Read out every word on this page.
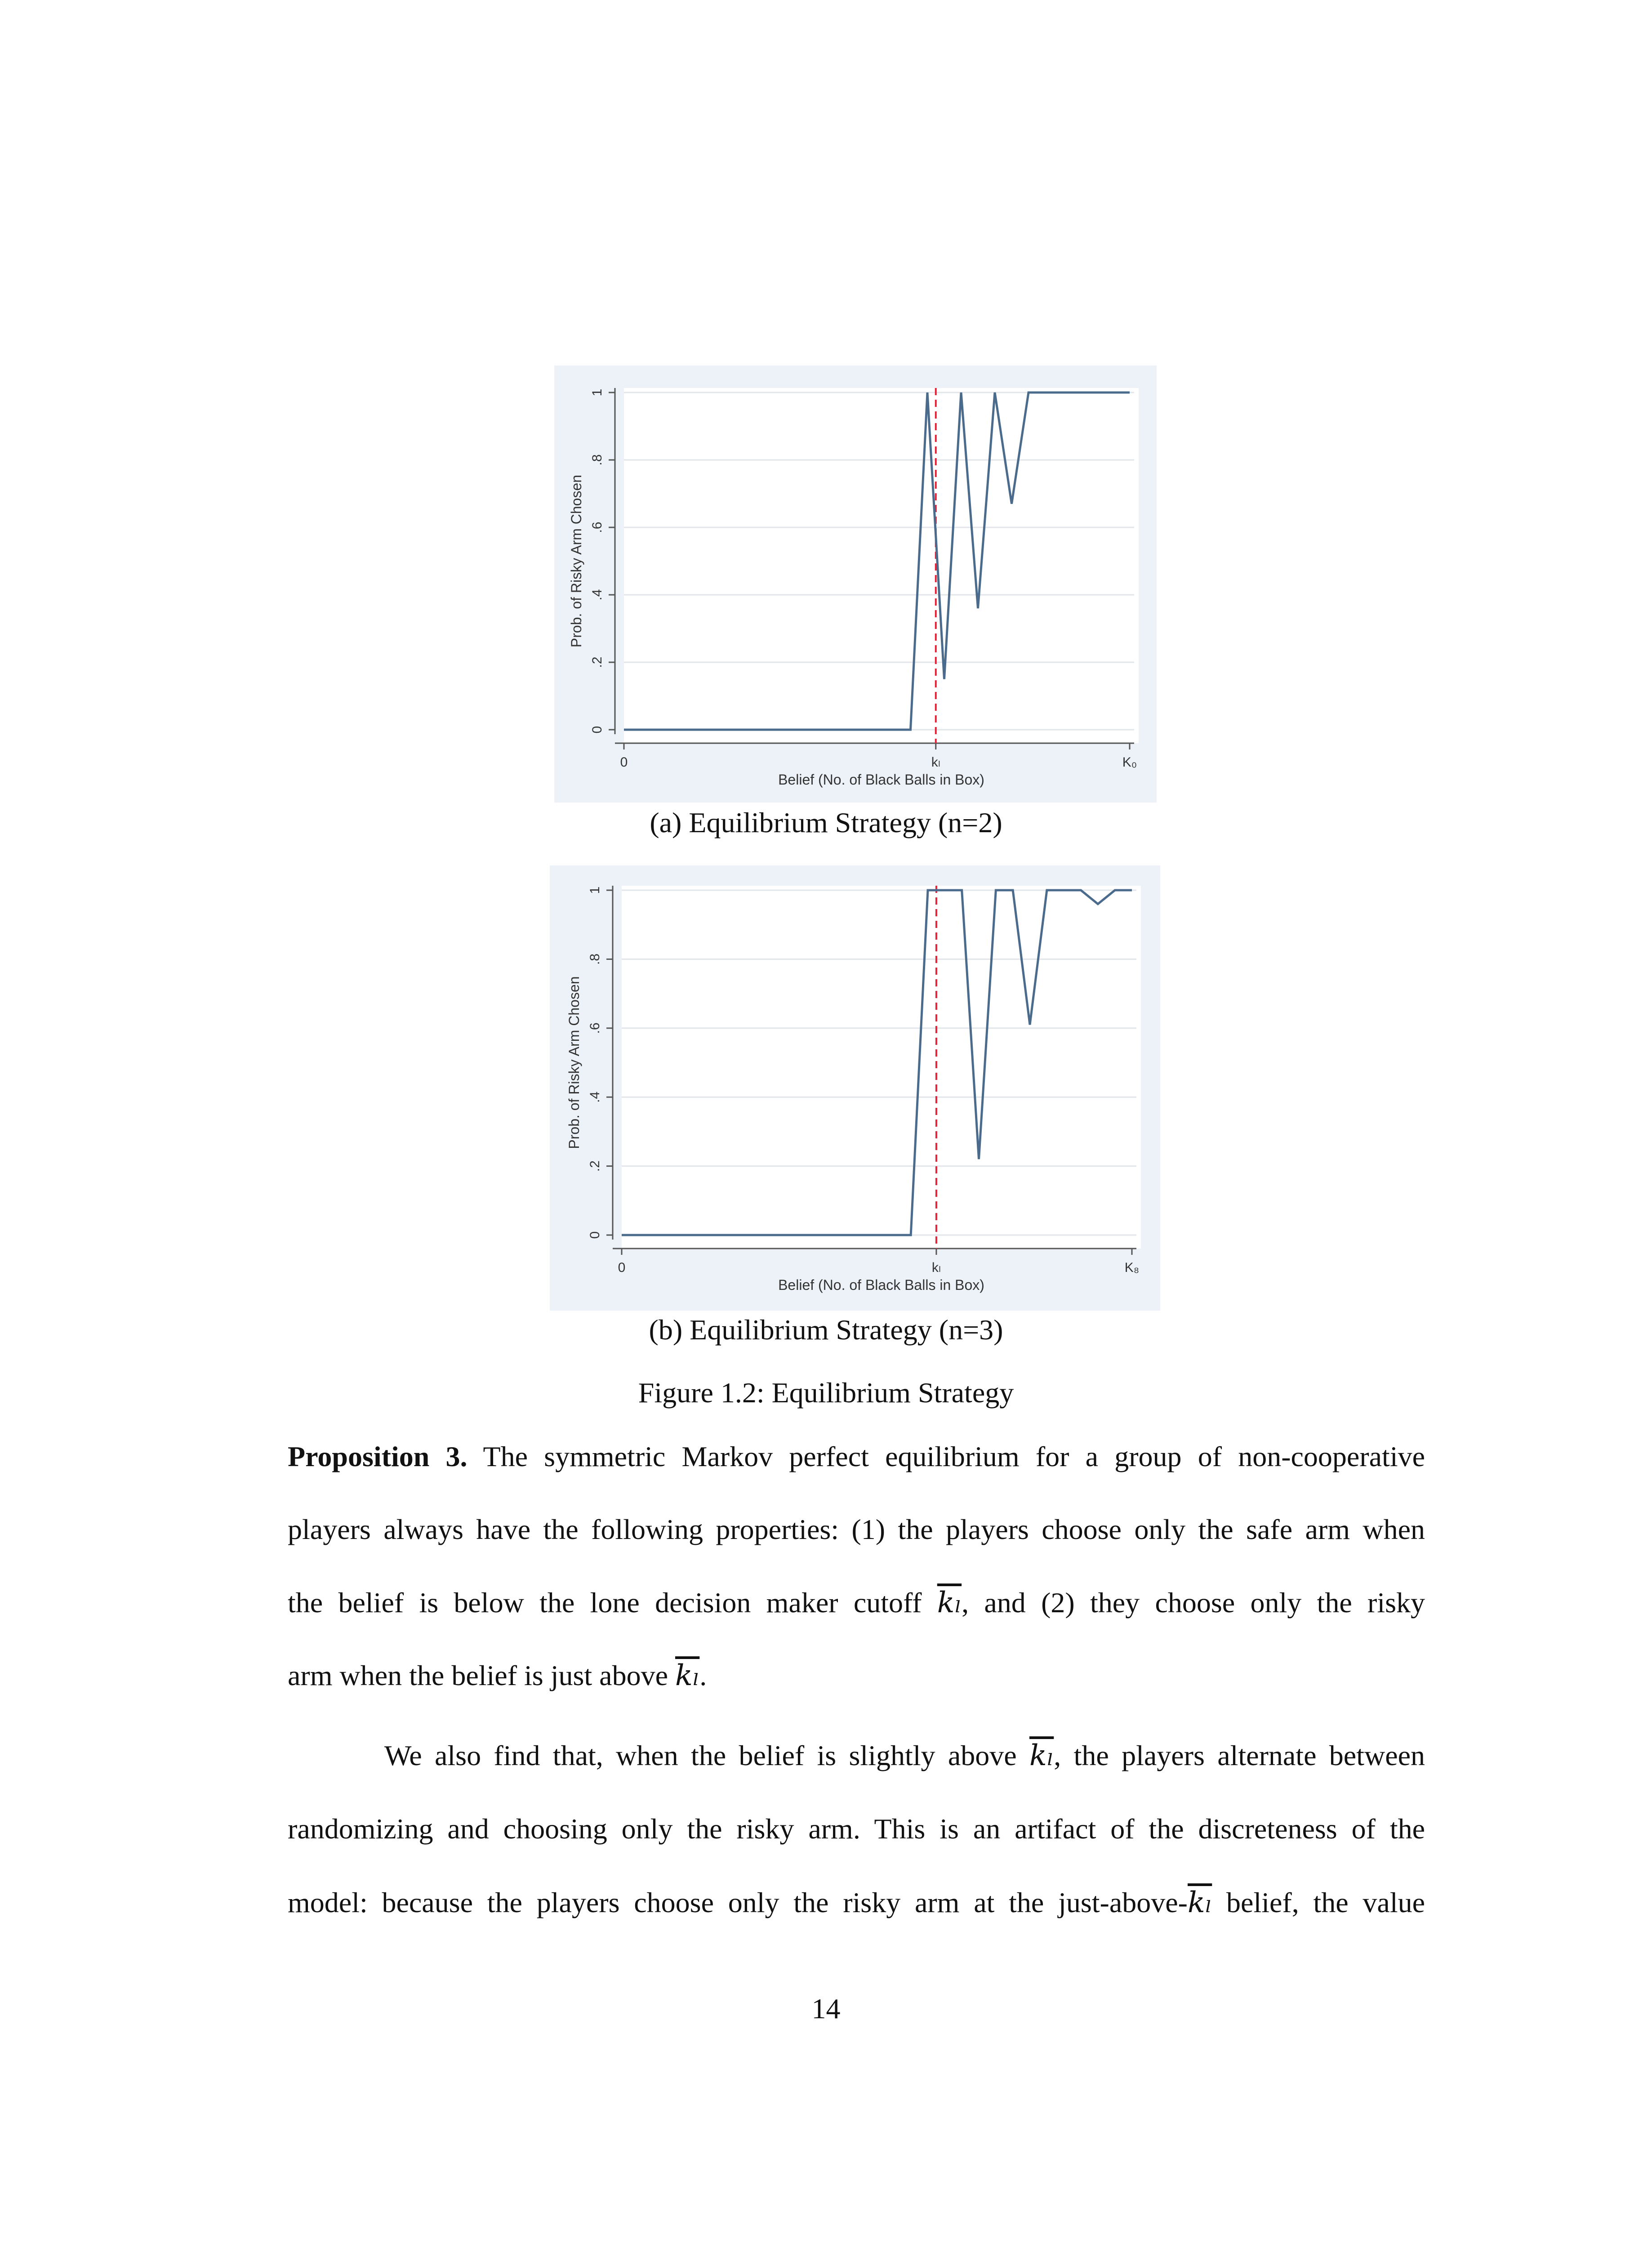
0
.2
.4
.6
.8
1
0	kₗ	K₀
Belief (No. of Black Balls in Box)
Prob. of Risky Arm Chosen
(a) Equilibrium Strategy (n=2)
0
.2
.4
.6
.8
1
0	kₗ	K₈
Belief (No. of Black Balls in Box)
Prob. of Risky Arm Chosen
(b) Equilibrium Strategy (n=3)
Figure 1.2: Equilibrium Strategy
Proposition 3. The symmetric Markov perfect equilibrium for a group of non-cooperative
players always have the following properties: (1) the players choose only the safe arm when
the belief is below the lone decision maker cutoff $\overline{k_l}$, and (2) they choose only the risky
arm when the belief is just above $\overline{k_l}$.
We also find that, when the belief is slightly above $\overline{k_l}$, the players alternate between
randomizing and choosing only the risky arm. This is an artifact of the discreteness of the
model: because the players choose only the risky arm at the just-$above-\overline{k_l}$ belief, the value
14
